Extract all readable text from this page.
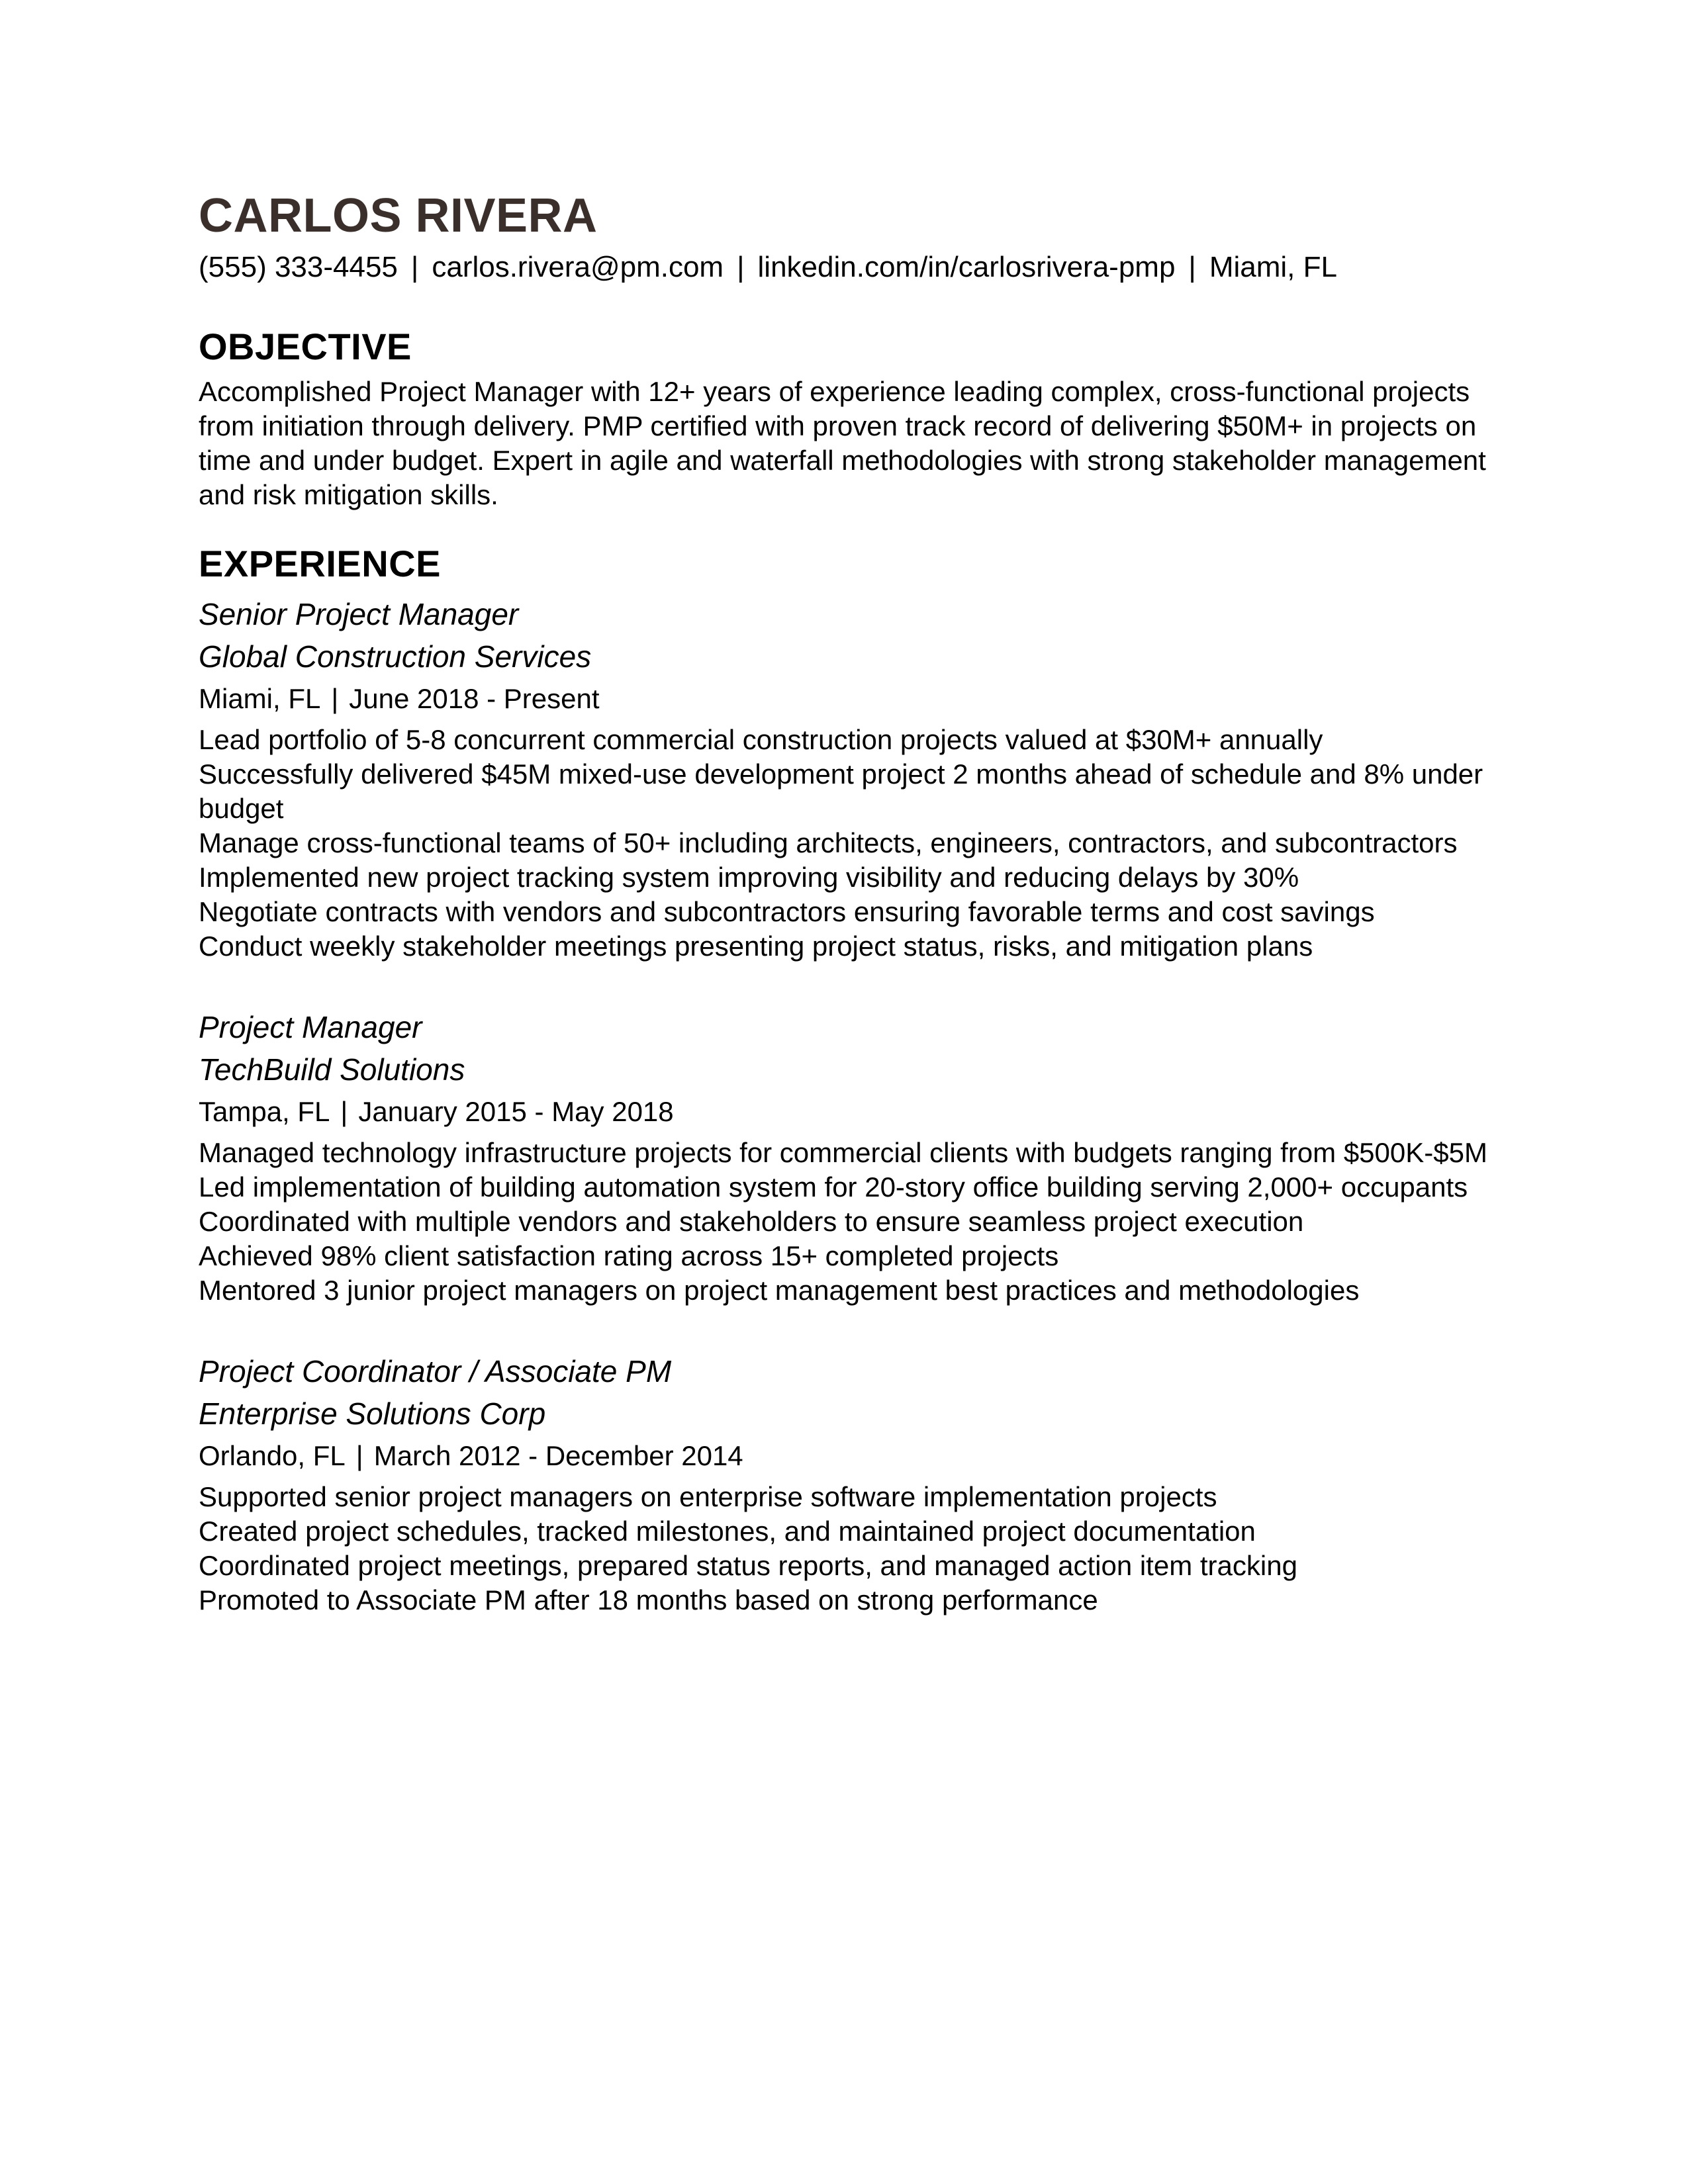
CARLOS RIVERA

(555) 333-4455 | carlos.rivera@pm.com | linkedin.com/in/carlosrivera-pmp | Miami, FL

OBJECTIVE

Accomplished Project Manager with 12+ years of experience leading complex, cross-functional projects from initiation through delivery. PMP certified with proven track record of delivering $50M+ in projects on time and under budget. Expert in agile and waterfall methodologies with strong stakeholder management and risk mitigation skills.

EXPERIENCE

Senior Project Manager

Global Construction Services

Miami, FL | June 2018 - Present

Lead portfolio of 5-8 concurrent commercial construction projects valued at $30M+ annually
Successfully delivered $45M mixed-use development project 2 months ahead of schedule and 8% under budget
Manage cross-functional teams of 50+ including architects, engineers, contractors, and subcontractors
Implemented new project tracking system improving visibility and reducing delays by 30%
Negotiate contracts with vendors and subcontractors ensuring favorable terms and cost savings
Conduct weekly stakeholder meetings presenting project status, risks, and mitigation plans

Project Manager

TechBuild Solutions

Tampa, FL | January 2015 - May 2018

Managed technology infrastructure projects for commercial clients with budgets ranging from $500K-$5M
Led implementation of building automation system for 20-story office building serving 2,000+ occupants
Coordinated with multiple vendors and stakeholders to ensure seamless project execution
Achieved 98% client satisfaction rating across 15+ completed projects
Mentored 3 junior project managers on project management best practices and methodologies

Project Coordinator / Associate PM

Enterprise Solutions Corp

Orlando, FL | March 2012 - December 2014

Supported senior project managers on enterprise software implementation projects
Created project schedules, tracked milestones, and maintained project documentation
Coordinated project meetings, prepared status reports, and managed action item tracking
Promoted to Associate PM after 18 months based on strong performance
